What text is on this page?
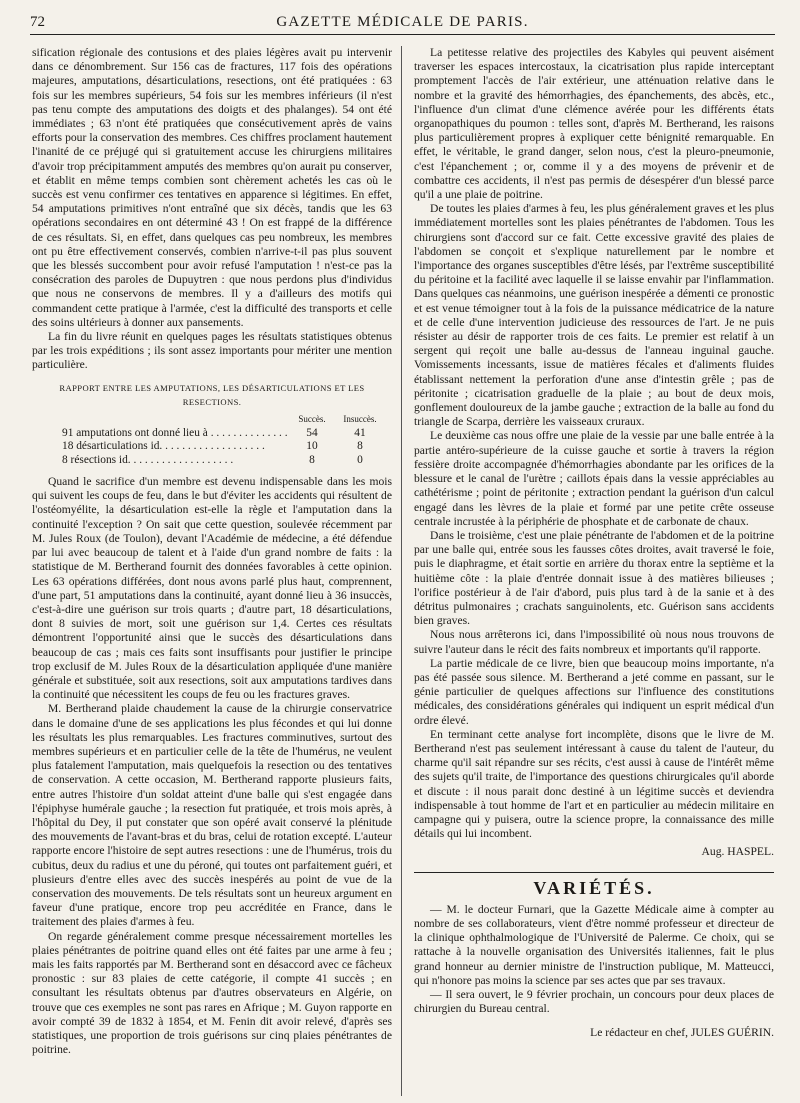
72	GAZETTE MÉDICALE DE PARIS.

sification régionale des contusions et des plaies légères avait pu intervenir dans ce dénombrement. Sur 156 cas de fractures, 117 fois des opérations majeures, amputations, désarticulations, resections, ont été pratiquées : 63 fois sur les membres supérieurs, 54 fois sur les membres inférieurs (il n'est pas tenu compte des amputations des doigts et des phalanges). 54 ont été immédiates ; 63 n'ont été pratiquées que consécutivement après de vains efforts pour la conservation des membres. Ces chiffres proclament hautement l'inanité de ce préjugé qui si gratuitement accuse les chirurgiens militaires d'avoir trop précipitamment amputés des membres qu'on aurait pu conserver, et établit en même temps combien sont chèrement achetés les cas où le succès est venu confirmer ces tentatives en apparence si légitimes. En effet, 54 amputations primitives n'ont entraîné que six décès, tandis que les 63 opérations secondaires en ont déterminé 43 ! On est frappé de la différence de ces résultats. Si, en effet, dans quelques cas peu nombreux, les membres ont pu être effectivement conservés, combien n'arrive-t-il pas plus souvent que les blessés succombent pour avoir refusé l'amputation ! n'est-ce pas la consécration des paroles de Dupuytren : que nous perdons plus d'individus que nous ne conservons de membres. Il y a d'ailleurs des motifs qui commandent cette pratique à l'armée, c'est la difficulté des transports et celle des soins ultérieurs à donner aux pansements.

La fin du livre réunit en quelques pages les résultats statistiques obtenus par les trois expéditions ; ils sont assez importants pour mériter une mention particulière.

RAPPORT ENTRE LES AMPUTATIONS, LES DÉSARTICULATIONS ET LES RESECTIONS.
Succès.	Insuccès.
91 amputations ont donné lieu à . . .	54	41
18 désarticulations id. . . .	10	8
8 résections id. . . .	8	0

Quand le sacrifice d'un membre est devenu indispensable dans les mois qui suivent les coups de feu, dans le but d'éviter les accidents qui résultent de l'ostéomyélite, la désarticulation est-elle la règle et l'amputation dans la continuité l'exception ? On sait que cette question, soulevée récemment par M. Jules Roux (de Toulon), devant l'Académie de médecine, a été défendue par lui avec beaucoup de talent et à l'aide d'un grand nombre de faits : la statistique de M. Bertherand fournit des données favorables à cette opinion. Les 63 opérations différées, dont nous avons parlé plus haut, comprennent, d'une part, 51 amputations dans la continuité, ayant donné lieu à 36 insuccès, c'est-à-dire une guérison sur trois quarts ; d'autre part, 18 désarticulations, dont 8 suivies de mort, soit une guérison sur 1,4. Certes ces résultats démontrent l'opportunité ainsi que le succès des désarticulations dans beaucoup de cas ; mais ces faits sont insuffisants pour justifier le principe trop exclusif de M. Jules Roux de la désarticulation appliquée d'une manière générale et substituée, soit aux resections, soit aux amputations tardives dans la continuité que nécessitent les coups de feu ou les fractures graves.

M. Bertherand plaide chaudement la cause de la chirurgie conservatrice dans le domaine d'une de ses applications les plus fécondes et qui lui donne les résultats les plus remarquables. Les fractures comminutives, surtout des membres supérieurs et en particulier celle de la tête de l'humérus, ne veulent plus fatalement l'amputation, mais quelquefois la resection ou des tentatives de conservation. A cette occasion, M. Bertherand rapporte plusieurs faits, entre autres l'histoire d'un soldat atteint d'une balle qui s'est engagée dans l'épiphyse humérale gauche ; la resection fut pratiquée, et trois mois après, à l'hôpital du Dey, il put constater que son opéré avait conservé la plénitude des mouvements de l'avant-bras et du bras, celui de rotation excepté. L'auteur rapporte encore l'histoire de sept autres resections : une de l'humérus, trois du cubitus, deux du radius et une du péroné, qui toutes ont parfaitement guéri, et plusieurs d'entre elles avec des succès inespérés au point de vue de la conservation des mouvements. De tels résultats sont un heureux argument en faveur d'une pratique, encore trop peu accréditée en France, dans le traitement des plaies d'armes à feu.

On regarde généralement comme presque nécessairement mortelles les plaies pénétrantes de poitrine quand elles ont été faites par une arme à feu ; mais les faits rapportés par M. Bertherand sont en désaccord avec ce fâcheux pronostic : sur 83 plaies de cette catégorie, il compte 41 succès ; en consultant les résultats obtenus par d'autres observateurs en Algérie, on trouve que ces exemples ne sont pas rares en Afrique ; M. Guyon rapporte en avoir compté 39 de 1832 à 1854, et M. Fenin dit avoir relevé, d'après ses statistiques, une proportion de trois guérisons sur cinq plaies pénétrantes de poitrine.

La petitesse relative des projectiles des Kabyles qui peuvent aisément traverser les espaces intercostaux, la cicatrisation plus rapide interceptant promptement l'accès de l'air extérieur, une atténuation relative dans le nombre et la gravité des hémorrhagies, des épanchements, des abcès, etc., l'influence d'un climat d'une clémence avérée pour les différents états organopathiques du poumon : telles sont, d'après M. Bertherand, les raisons plus particulièrement propres à expliquer cette bénignité remarquable. En effet, le véritable, le grand danger, selon nous, c'est la pleuro-pneumonie, c'est l'épanchement ; or, comme il y a des moyens de prévenir et de combattre ces accidents, il n'est pas permis de désespérer d'un blessé parce qu'il a une plaie de poitrine.

De toutes les plaies d'armes à feu, les plus généralement graves et les plus immédiatement mortelles sont les plaies pénétrantes de l'abdomen. Tous les chirurgiens sont d'accord sur ce fait. Cette excessive gravité des plaies de l'abdomen se conçoit et s'explique naturellement par le nombre et l'importance des organes susceptibles d'être lésés, par l'extrême susceptibilité du péritoine et la facilité avec laquelle il se laisse envahir par l'inflammation. Dans quelques cas néanmoins, une guérison inespérée a démenti ce pronostic et est venue témoigner tout à la fois de la puissance médicatrice de la nature et de celle d'une intervention judicieuse des ressources de l'art. Je ne puis résister au désir de rapporter trois de ces faits. Le premier est relatif à un sergent qui reçoit une balle au-dessus de l'anneau inguinal gauche. Vomissements incessants, issue de matières fécales et d'aliments fluides établissant nettement la perforation d'une anse d'intestin grêle ; pas de péritonite ; cicatrisation graduelle de la plaie ; au bout de deux mois, gonflement douloureux de la jambe gauche ; extraction de la balle au fond du triangle de Scarpa, derrière les vaisseaux cruraux.

Le deuxième cas nous offre une plaie de la vessie par une balle entrée à la partie antéro-supérieure de la cuisse gauche et sortie à travers la région fessière droite accompagnée d'hémorrhagies abondante par les orifices de la blessure et le canal de l'urètre ; caillots épais dans la vessie appréciables au cathétérisme ; point de péritonite ; extraction pendant la guérison d'un calcul engagé dans les lèvres de la plaie et formé par une petite crête osseuse centrale incrustée à la périphérie de phosphate et de carbonate de chaux.

Dans le troisième, c'est une plaie pénétrante de l'abdomen et de la poitrine par une balle qui, entrée sous les fausses côtes droites, avait traversé le foie, puis le diaphragme, et était sortie en arrière du thorax entre la septième et la huitième côte : la plaie d'entrée donnait issue à des matières bilieuses ; l'orifice postérieur à de l'air d'abord, puis plus tard à de la sanie et à des détritus pulmonaires ; crachats sanguinolents, etc. Guérison sans accidents bien graves.

Nous nous arrêterons ici, dans l'impossibilité où nous nous trouvons de suivre l'auteur dans le récit des faits nombreux et importants qu'il rapporte.

La partie médicale de ce livre, bien que beaucoup moins importante, n'a pas été passée sous silence. M. Bertherand a jeté comme en passant, sur le génie particulier de quelques affections sur l'influence des constitutions médicales, des considérations générales qui indiquent un esprit médical d'un ordre élevé.

En terminant cette analyse fort incomplète, disons que le livre de M. Bertherand n'est pas seulement intéressant à cause du talent de l'auteur, du charme qu'il sait répandre sur ses récits, c'est aussi à cause de l'intérêt même des sujets qu'il traite, de l'importance des questions chirurgicales qu'il aborde et discute : il nous parait donc destiné à un légitime succès et deviendra indispensable à tout homme de l'art et en particulier au médecin militaire en campagne qui y puisera, outre la science propre, la connaissance des mille détails qui lui incombent.

Aug. HASPEL.
VARIÉTÉS.

— M. le docteur Furnari, que la Gazette Médicale aime à compter au nombre de ses collaborateurs, vient d'être nommé professeur et directeur de la clinique ophthalmologique de l'Université de Palerme. Ce choix, qui se rattache à la nouvelle organisation des Universités italiennes, fait le plus grand honneur au dernier ministre de l'instruction publique, M. Matteucci, qui n'honore pas moins la science par ses actes que par ses travaux.

— Il sera ouvert, le 9 février prochain, un concours pour deux places de chirurgien du Bureau central.

Le rédacteur en chef, JULES GUÉRIN.
